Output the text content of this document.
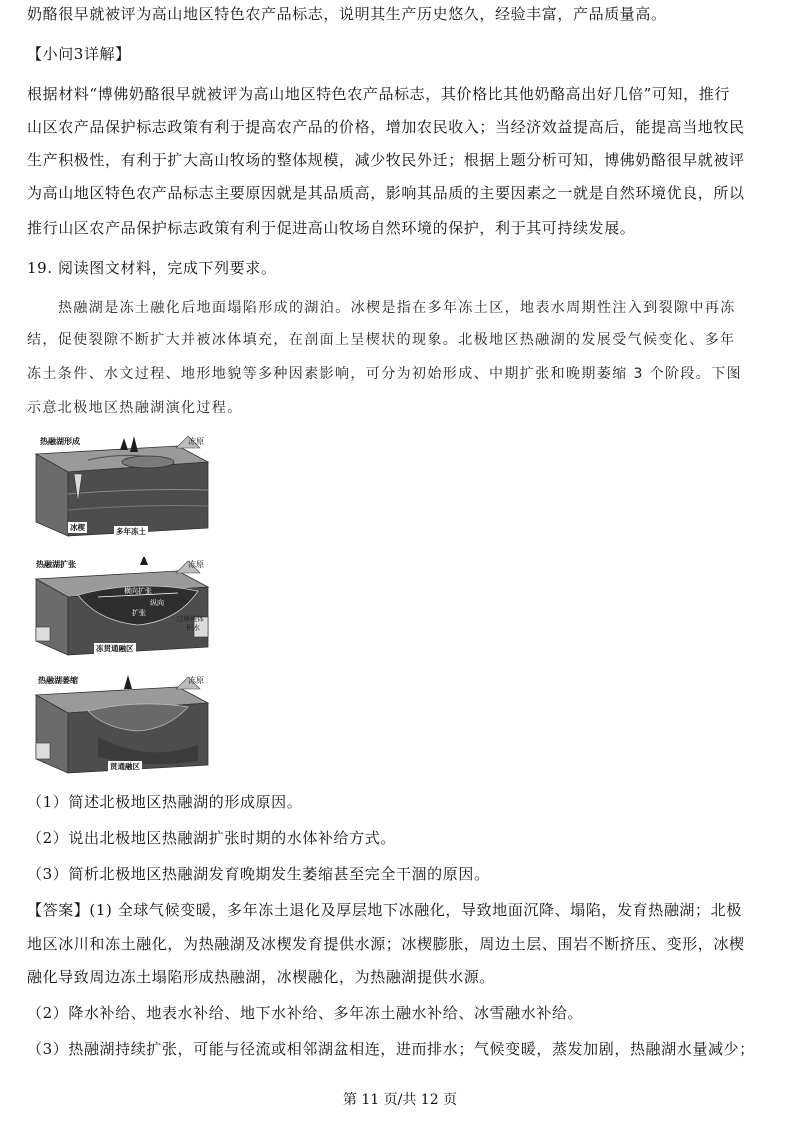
奶酪很早就被评为高山地区特色农产品标志，说明其生产历史悠久，经验丰富，产品质量高。
【小问3详解】
根据材料“博佛奶酪很早就被评为高山地区特色农产品标志，其价格比其他奶酪高出好几倍”可知，推行
山区农产品保护标志政策有利于提高农产品的价格，增加农民收入；当经济效益提高后，能提高当地牧民
生产积极性，有利于扩大高山牧场的整体规模，减少牧民外迁；根据上题分析可知，博佛奶酪很早就被评
为高山地区特色农产品标志主要原因就是其品质高，影响其品质的主要因素之一就是自然环境优良，所以
推行山区农产品保护标志政策有利于促进高山牧场自然环境的保护，利于其可持续发展。
19. 阅读图文材料，完成下列要求。
热融湖是冻土融化后地面塌陷形成的湖泊。冰楔是指在多年冻土区，地表水周期性注入到裂隙中再冻
结，促使裂隙不断扩大并被冰体填充，在剖面上呈楔状的现象。北极地区热融湖的发展受气候变化、多年
冻土条件、水文过程、地形地貌等多种因素影响，可分为初始形成、中期扩张和晚期萎缩 3 个阶段。下图
示意北极地区热融湖演化过程。
热融湖形成	冻原
冰楔	多年冻土
热融湖扩张	冻原
横向扩张
纵向
扩张
过境地体
积水
冻贯通融区
热融湖萎缩	冻原
贯通融区
（1）简述北极地区热融湖的形成原因。
（2）说出北极地区热融湖扩张时期的水体补给方式。
（3）简析北极地区热融湖发育晚期发生萎缩甚至完全干涸的原因。
【答案】(1) 全球气候变暖，多年冻土退化及厚层地下冰融化，导致地面沉降、塌陷，发育热融湖；北极
地区冰川和冻土融化，为热融湖及冰楔发育提供水源；冰楔膨胀，周边土层、围岩不断挤压、变形，冰楔
融化导致周边冻土塌陷形成热融湖，冰楔融化，为热融湖提供水源。
（2）降水补给、地表水补给、地下水补给、多年冻土融水补给、冰雪融水补给。
（3）热融湖持续扩张，可能与径流或相邻湖盆相连，进而排水；气候变暖，蒸发加剧，热融湖水量减少；
第 11 页/共 12 页
